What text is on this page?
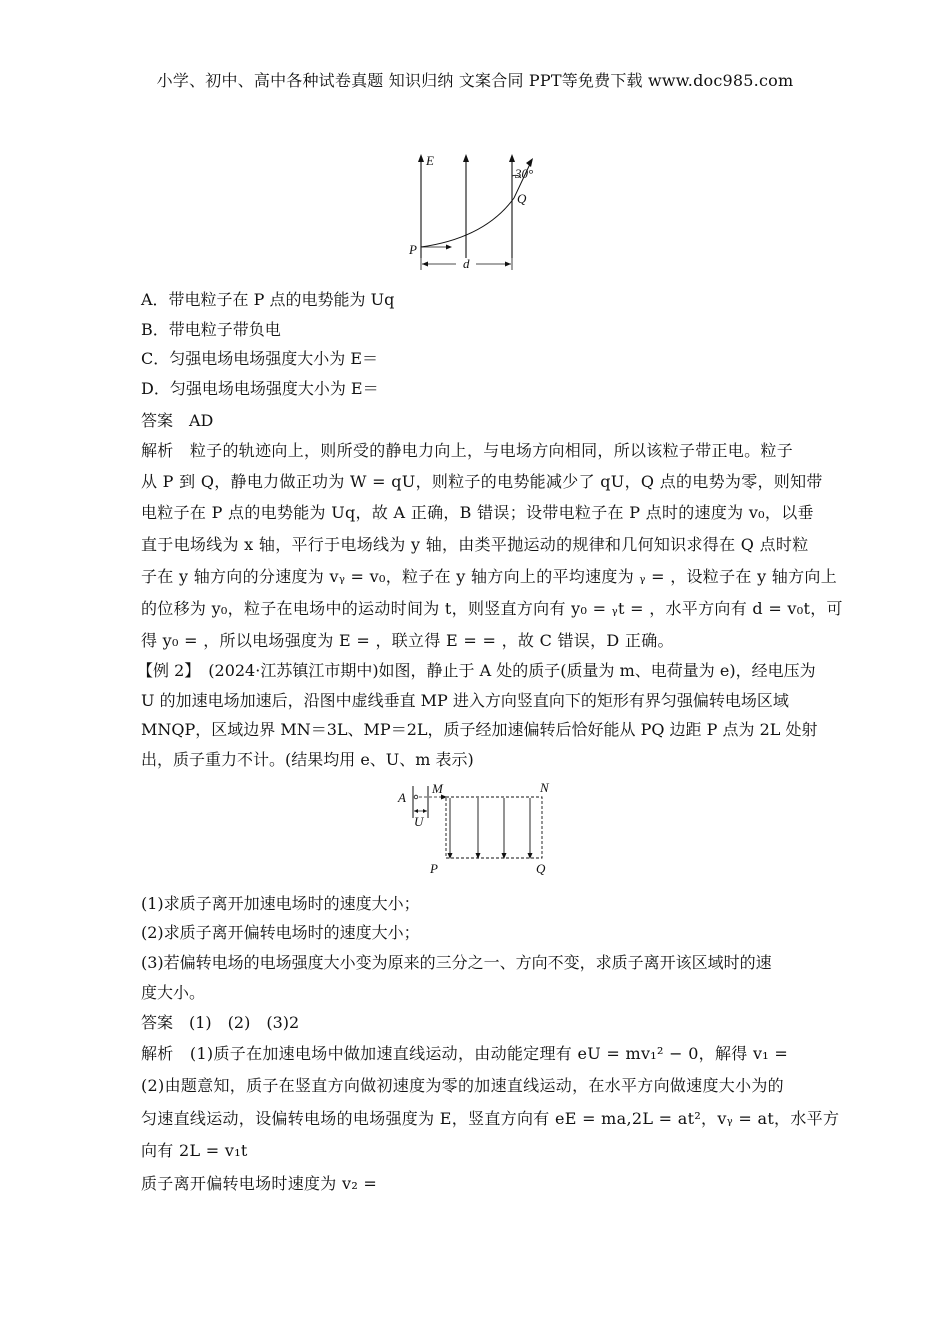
小学、初中、高中各种试卷真题 知识归纳 文案合同 PPT等免费下载 www.doc985.com
E
30°
Q
P
d
A．带电粒子在 P 点的电势能为 Uq
B．带电粒子带负电
C．匀强电场电场强度大小为 E＝
D．匀强电场电场强度大小为 E＝
答案　AD
解析　粒子的轨迹向上，则所受的静电力向上，与电场方向相同，所以该粒子带正电。粒子
从 P 到 Q，静电力做正功为 W = qU，则粒子的电势能减少了 qU，Q 点的电势为零，则知带
电粒子在 P 点的电势能为 Uq，故 A 正确，B 错误；设带电粒子在 P 点时的速度为 v₀，以垂
直于电场线为 x 轴，平行于电场线为 y 轴，由类平抛运动的规律和几何知识求得在 Q 点时粒
子在 y 轴方向的分速度为 vᵧ = v₀，粒子在 y 轴方向上的平均速度为 ᵧ = ，设粒子在 y 轴方向上
的位移为 y₀，粒子在电场中的运动时间为 t，则竖直方向有 y₀ = ᵧt = ，水平方向有 d = v₀t，可
得 y₀ = ，所以电场强度为 E = ，联立得 E = = ，故 C 错误，D 正确。
【例 2】　(2024·江苏镇江市期中)如图，静止于 A 处的质子(质量为 m、电荷量为 e)，经电压为
U 的加速电场加速后，沿图中虚线垂直 MP 进入方向竖直向下的矩形有界匀强偏转电场区域
MNQP，区域边界 MN＝3L、MP＝2L，质子经加速偏转后恰好能从 PQ 边距 P 点为 2L 处射
出，质子重力不计。(结果均用 e、U、m 表示)
A
M	N
U
P	Q
(1)求质子离开加速电场时的速度大小；
(2)求质子离开偏转电场时的速度大小；
(3)若偏转电场的电场强度大小变为原来的三分之一、方向不变，求质子离开该区域时的速
度大小。
答案　(1)　(2)　(3)2
解析　(1)质子在加速电场中做加速直线运动，由动能定理有 eU = mv₁² − 0，解得 v₁ =
(2)由题意知，质子在竖直方向做初速度为零的加速直线运动，在水平方向做速度大小为的
匀速直线运动，设偏转电场的电场强度为 E，竖直方向有 eE = ma,2L = at²，vᵧ = at，水平方
向有 2L = v₁t
质子离开偏转电场时速度为 v₂ =
